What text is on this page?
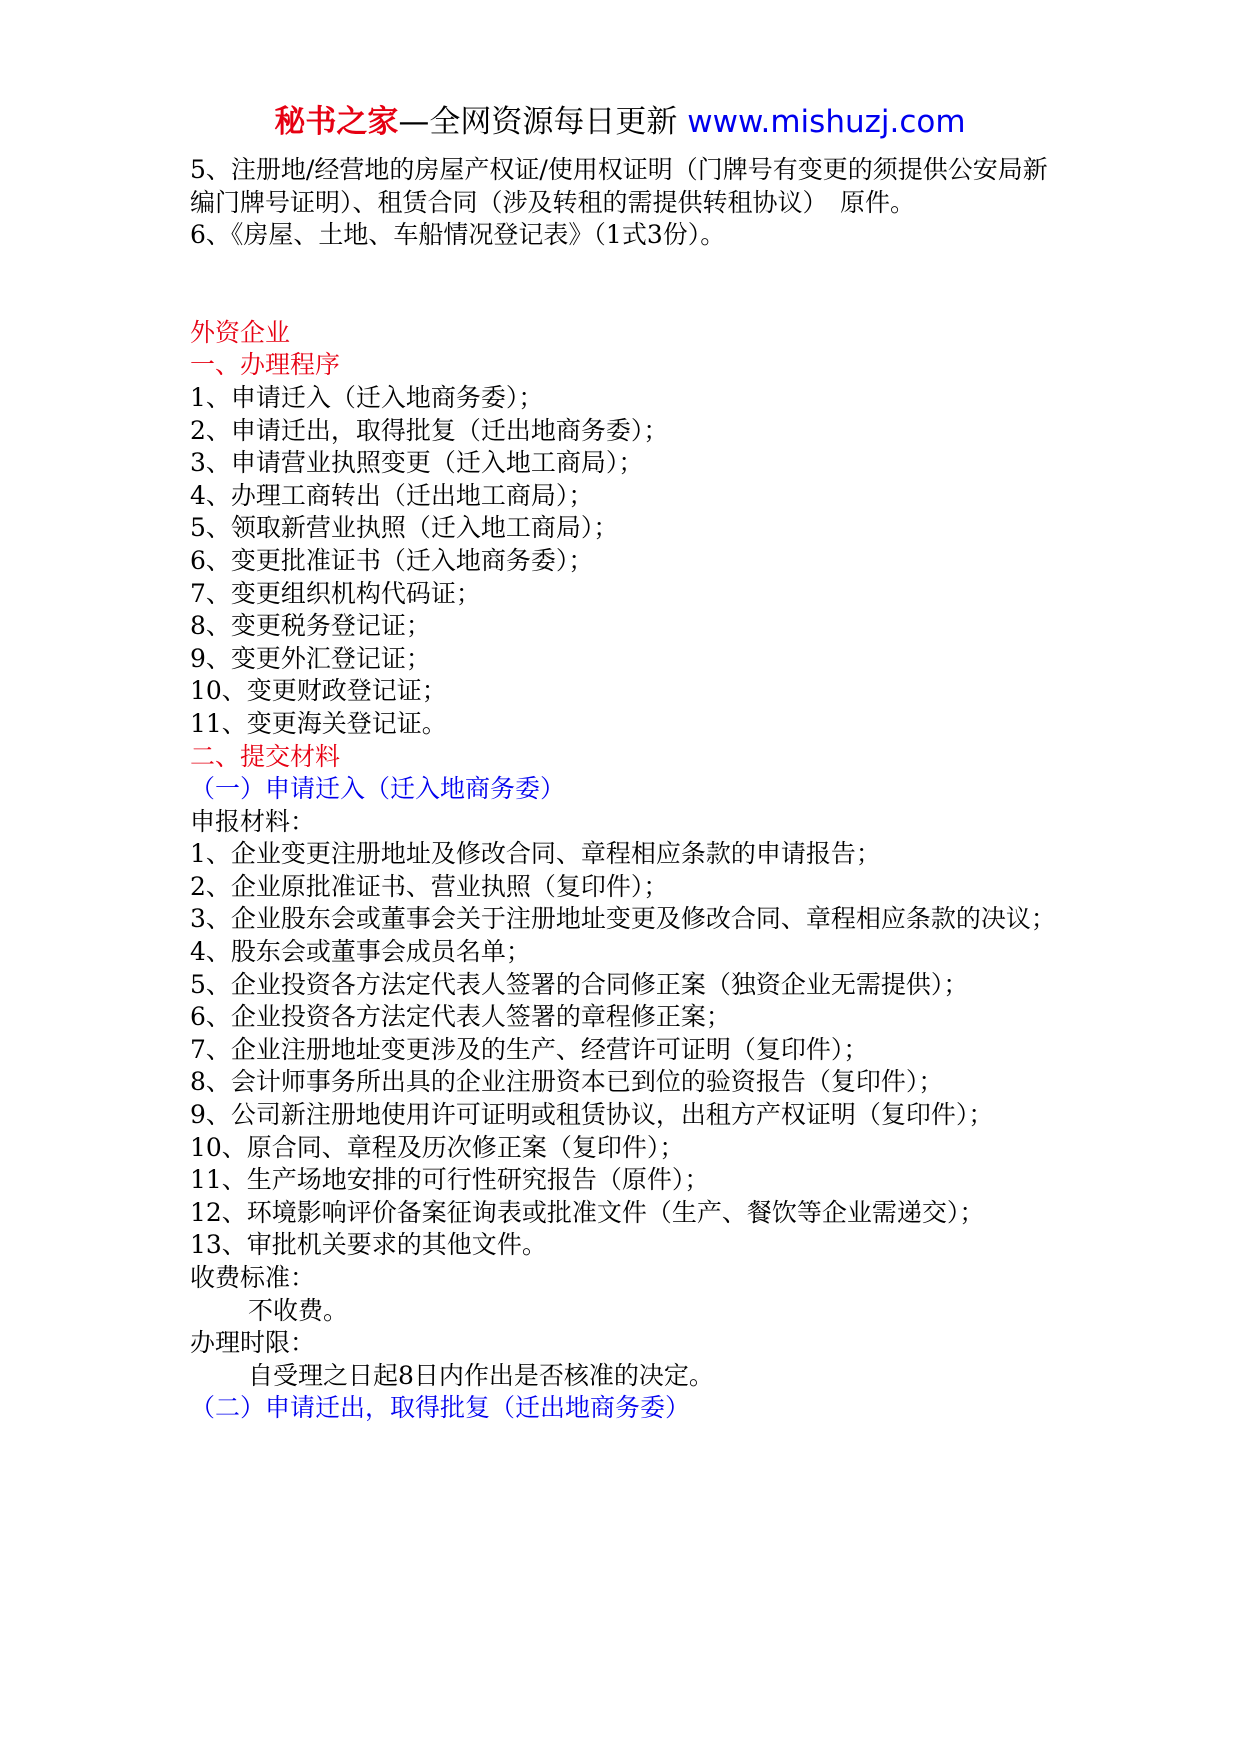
秘书之家—全网资源每日更新 www.mishuzj.com

5、注册地/经营地的房屋产权证/使用权证明（门牌号有变更的须提供公安局新编门牌号证明）、租赁合同（涉及转租的需提供转租协议）　原件。

6、《房屋、土地、车船情况登记表》（1式3份）。

外资企业

一、办理程序

1、申请迁入（迁入地商务委）；

2、申请迁出，取得批复（迁出地商务委）；

3、申请营业执照变更（迁入地工商局）；

4、办理工商转出（迁出地工商局）；

5、领取新营业执照（迁入地工商局）；

6、变更批准证书（迁入地商务委）；

7、变更组织机构代码证；

8、变更税务登记证；

9、变更外汇登记证；

10、变更财政登记证；

11、变更海关登记证。

二、提交材料

（一）申请迁入（迁入地商务委）

申报材料：

1、企业变更注册地址及修改合同、章程相应条款的申请报告；

2、企业原批准证书、营业执照（复印件）；

3、企业股东会或董事会关于注册地址变更及修改合同、章程相应条款的决议；

4、股东会或董事会成员名单；

5、企业投资各方法定代表人签署的合同修正案（独资企业无需提供）；

6、企业投资各方法定代表人签署的章程修正案；

7、企业注册地址变更涉及的生产、经营许可证明（复印件）；

8、会计师事务所出具的企业注册资本已到位的验资报告（复印件）；

9、公司新注册地使用许可证明或租赁协议，出租方产权证明（复印件）；

10、原合同、章程及历次修正案（复印件）；

11、生产场地安排的可行性研究报告（原件）；

12、环境影响评价备案征询表或批准文件（生产、餐饮等企业需递交）；

13、审批机关要求的其他文件。

收费标准：

不收费。

办理时限：

自受理之日起8日内作出是否核准的决定。

（二）申请迁出，取得批复（迁出地商务委）
